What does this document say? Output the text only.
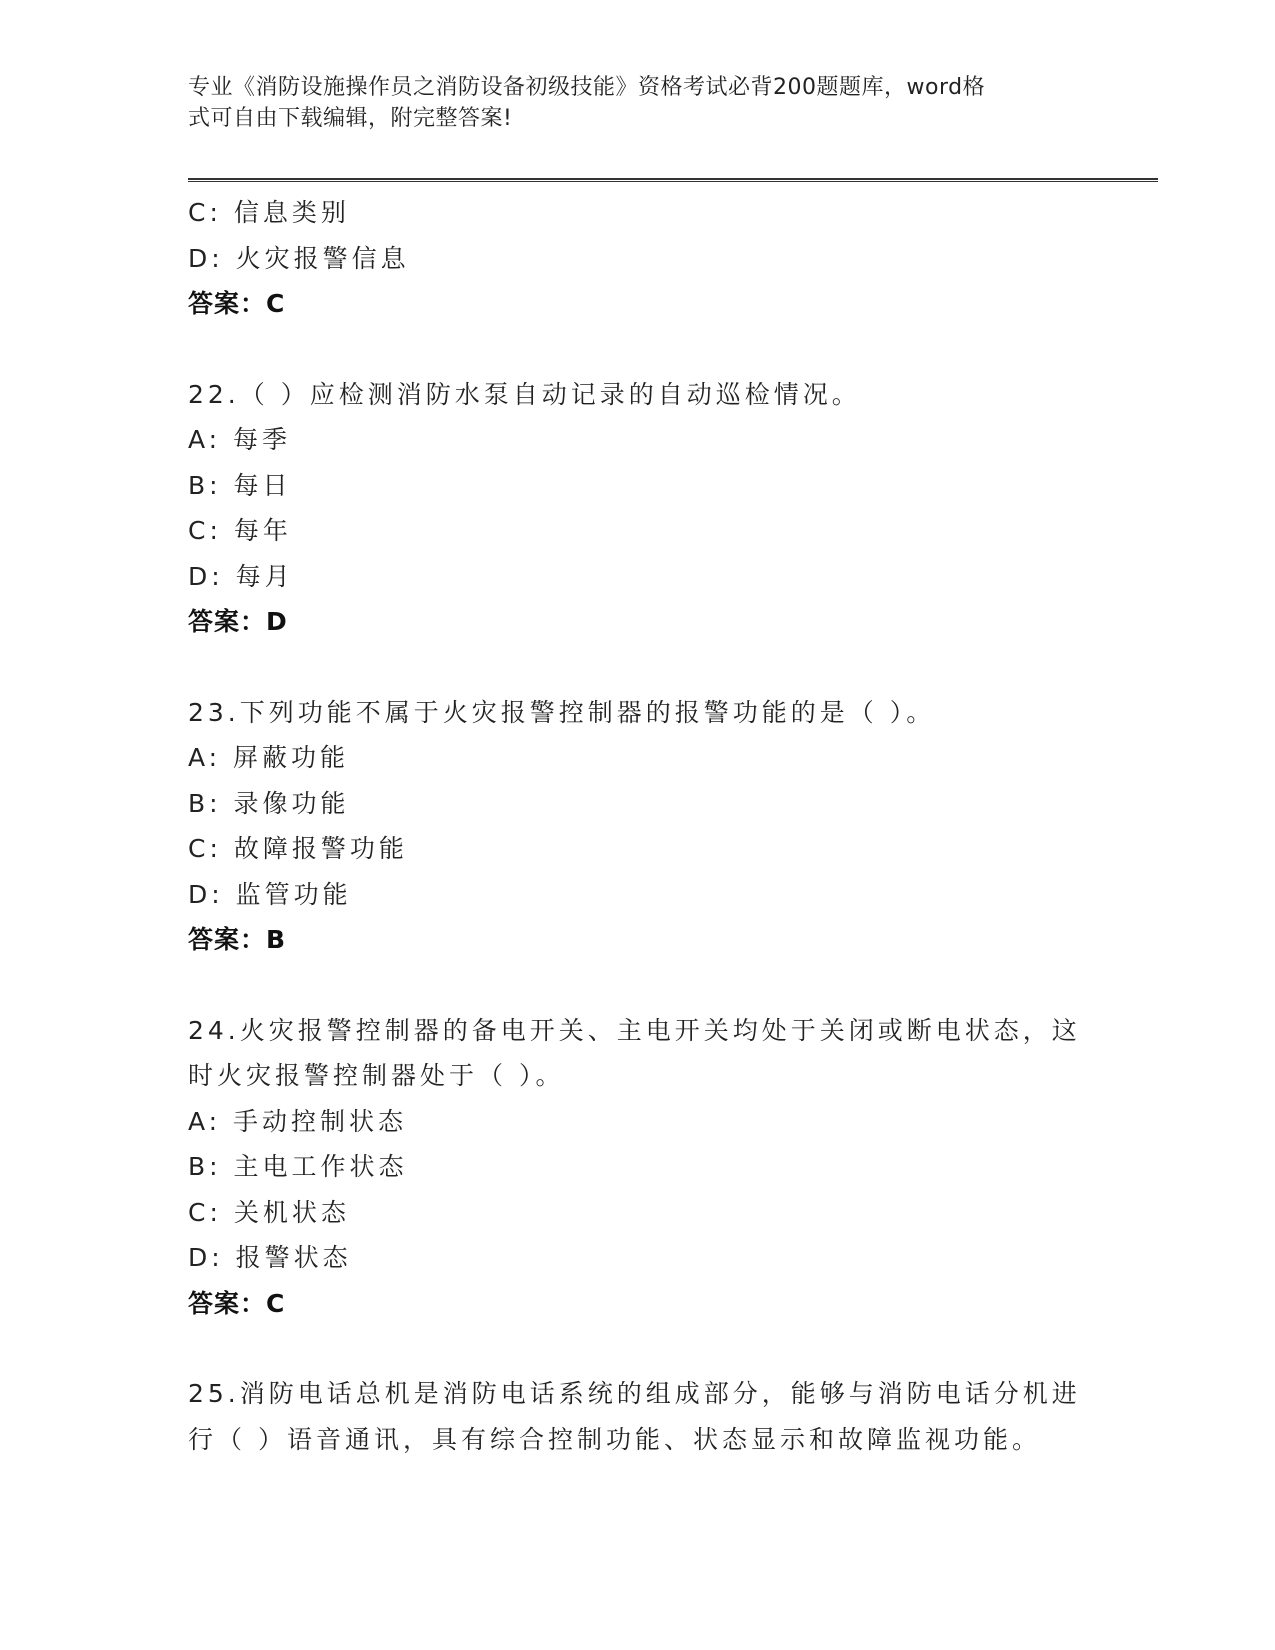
专业《消防设施操作员之消防设备初级技能》资格考试必背200题题库，word格
式可自由下载编辑，附完整答案!
C: 信息类别
D: 火灾报警信息
答案：C
22.（ ）应检测消防水泵自动记录的自动巡检情况。
A: 每季
B: 每日
C: 每年
D: 每月
答案：D
23.下列功能不属于火灾报警控制器的报警功能的是（ ）。
A: 屏蔽功能
B: 录像功能
C: 故障报警功能
D: 监管功能
答案：B
24.火灾报警控制器的备电开关、主电开关均处于关闭或断电状态，这
时火灾报警控制器处于（ ）。
A: 手动控制状态
B: 主电工作状态
C: 关机状态
D: 报警状态
答案：C
25.消防电话总机是消防电话系统的组成部分，能够与消防电话分机进
行（ ）语音通讯，具有综合控制功能、状态显示和故障监视功能。
